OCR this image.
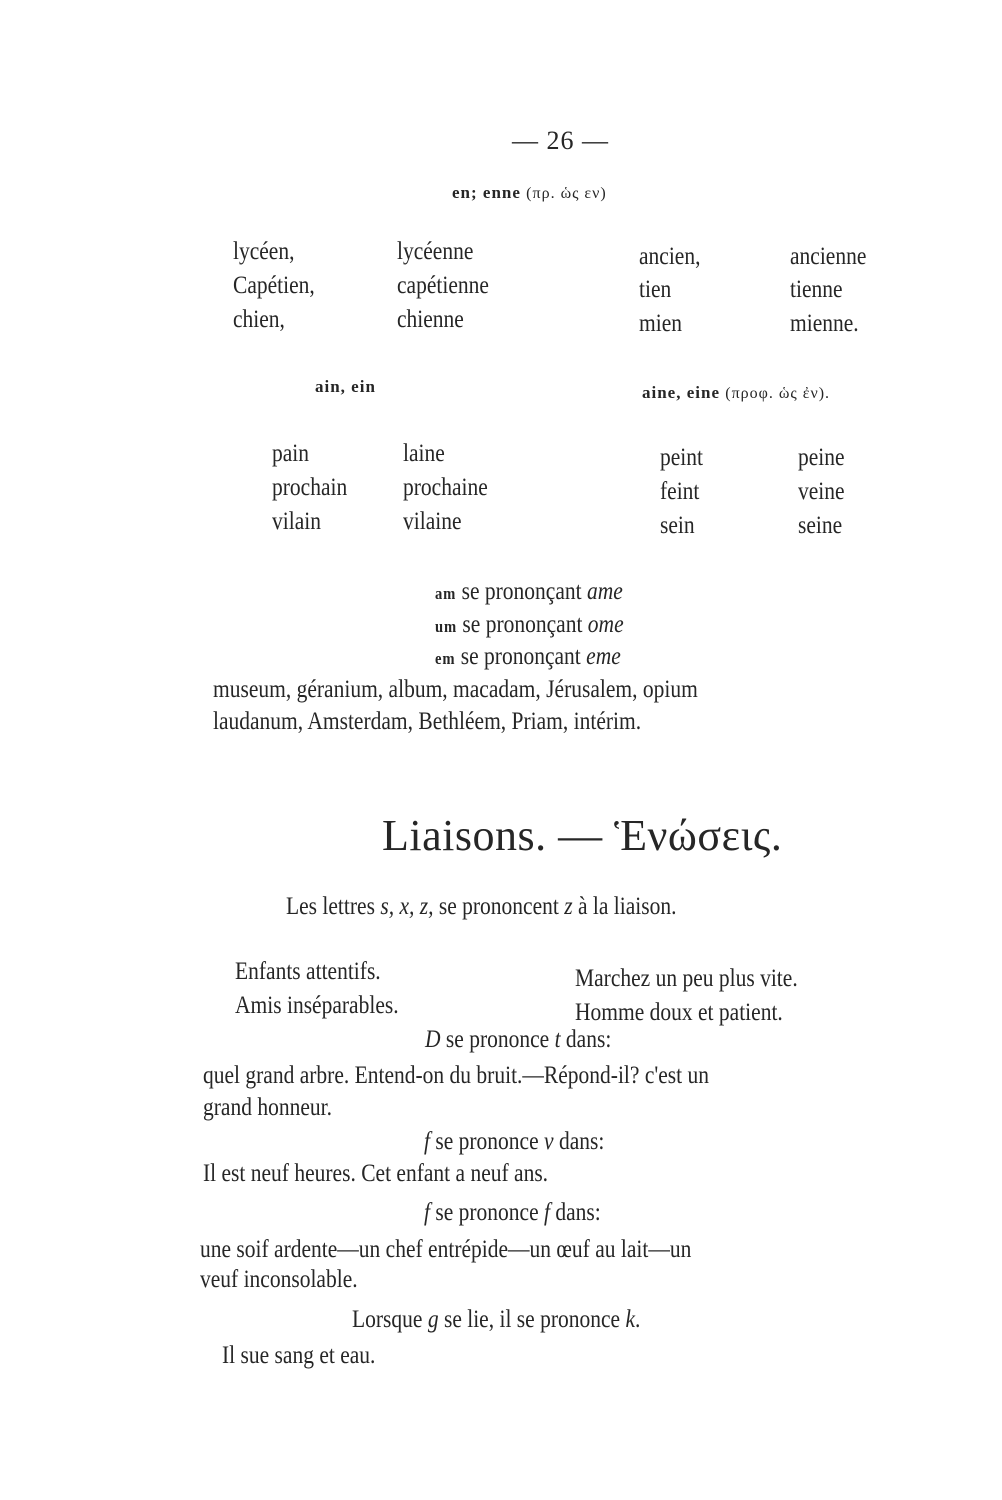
— 26 —
en; enne (πρ. ὡς εν)
lycéen,
Capétien,
chien,
lycéenne
capétienne
chienne
ancien,
tien
mien
ancienne
tienne
mienne.
ain, ein	aine, eine (προφ. ὡς ἐν).
pain
prochain
vilain
laine
prochaine
vilaine
peint
feint
sein
peine
veine
seine
am se prononçant ame
um se prononçant ome
em se prononçant eme
museum, géranium, album, macadam, Jérusalem, opium
laudanum, Amsterdam, Bethléem, Priam, intérim.
Liaisons. — Ἑνώσεις.
Les lettres s, x, z, se prononcent z à la liaison.
Enfants attentifs.
Amis inséparables.
Marchez un peu plus vite.
Homme doux et patient.
D se prononce t dans:
quel grand arbre. Entend-on du bruit.—Répond-il? c'est un
grand honneur.
f se prononce v dans:
Il est neuf heures. Cet enfant a neuf ans.
f se prononce f dans:
une soif ardente—un chef entrépide—un œuf au lait—un
veuf inconsolable.
Lorsque g se lie, il se prononce k.
Il sue sang et eau.
